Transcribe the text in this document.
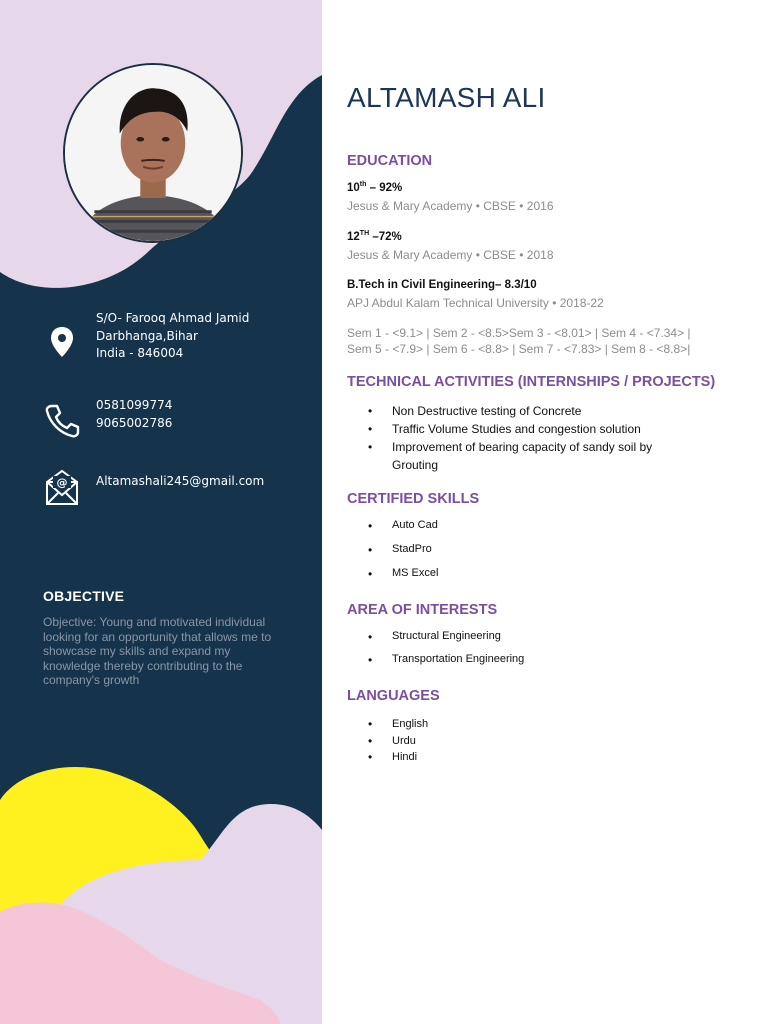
S/O- Farooq Ahmad Jamid
Darbhanga,Bihar
India - 846004
0581099774
9065002786
@ Altamashali245@gmail.com
OBJECTIVE
Objective: Young and motivated individual looking for an opportunity that allows me to showcase my skills and expand my knowledge thereby contributing to the company's growth
ALTAMASH ALI
EDUCATION
10th – 92%
Jesus & Mary Academy • CBSE • 2016
12TH –72%
Jesus & Mary Academy • CBSE • 2018
B.Tech in Civil Engineering– 8.3/10
APJ Abdul Kalam Technical University • 2018-22
Sem 1 - <9.1> | Sem 2 - <8.5>Sem 3 - <8.01> | Sem 4 - <7.34> |
Sem 5 - <7.9> | Sem 6 - <8.8> | Sem 7 - <7.83> | Sem 8 - <8.8>|
TECHNICAL ACTIVITIES (INTERNSHIPS / PROJECTS)
• Non Destructive testing of Concrete
• Traffic Volume Studies and congestion solution
• Improvement of bearing capacity of sandy soil by Grouting
CERTIFIED SKILLS
• Auto Cad
• StadPro
• MS Excel
AREA OF INTERESTS
• Structural Engineering
• Transportation Engineering
LANGUAGES
• English
• Urdu
• Hindi
